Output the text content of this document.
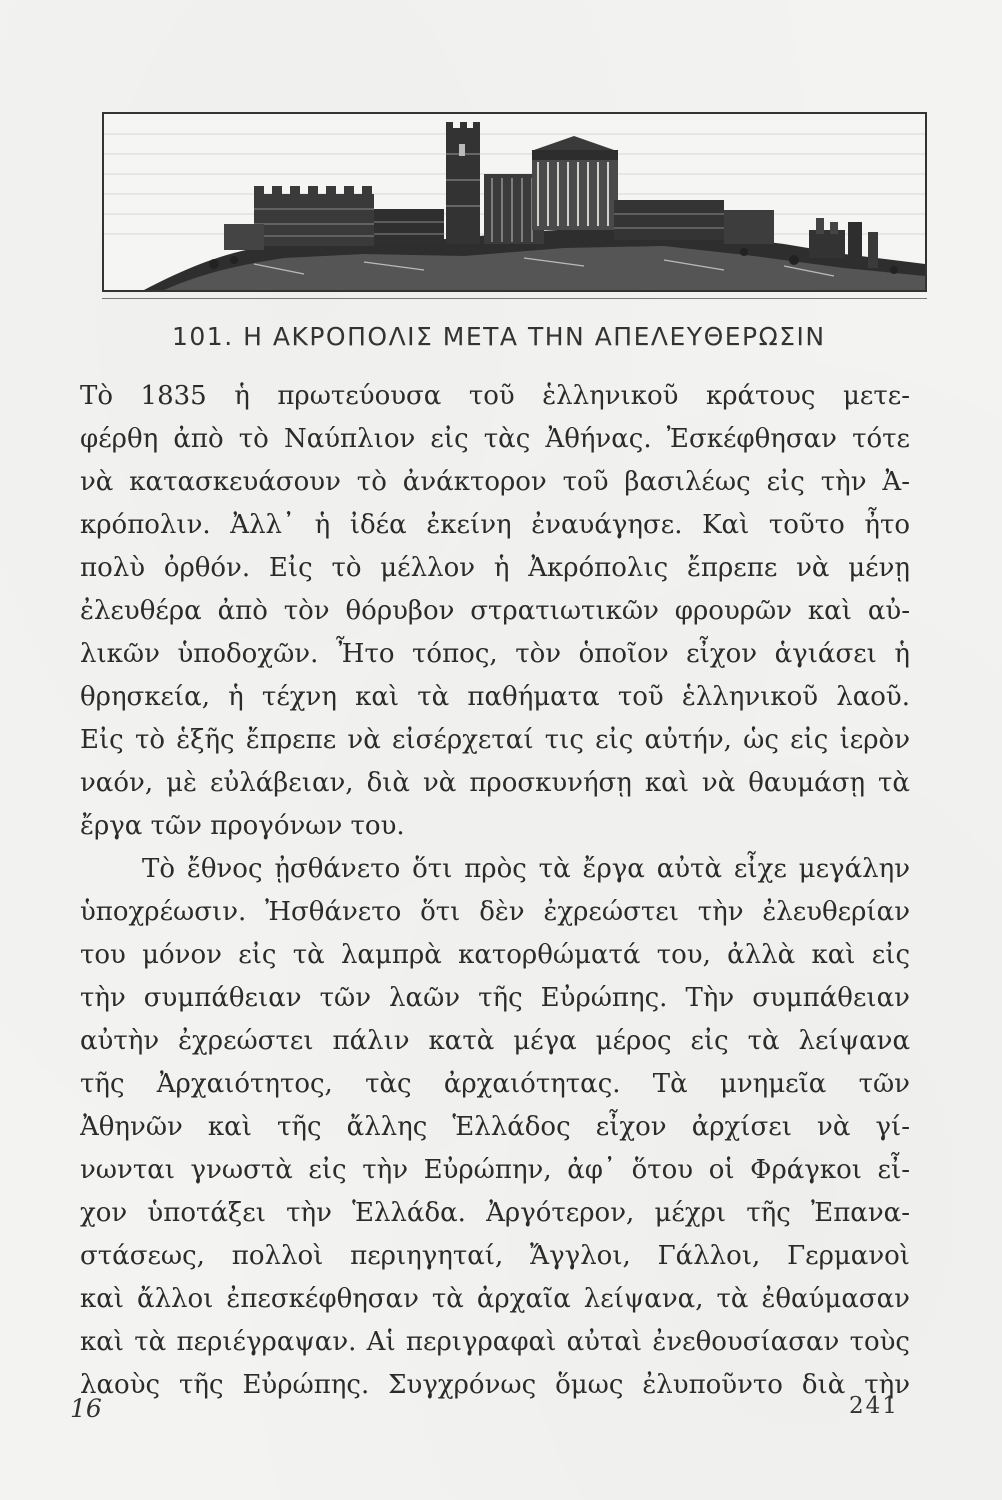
101. Η ΑΚΡΟΠΟΛΙΣ ΜΕΤΑ ΤΗΝ ΑΠΕΛΕΥΘΕΡΩΣΙΝ
Τὸ 1835 ἡ πρωτεύουσα τοῦ ἑλληνικοῦ κράτους μετε-
φέρθη ἀπὸ τὸ Ναύπλιον εἰς τὰς Ἀθήνας. Ἐσκέφθησαν τότε
νὰ κατασκευάσουν τὸ ἀνάκτορον τοῦ βασιλέως εἰς τὴν Ἀ-
κρόπολιν. Ἀλλ᾽ ἡ ἰδέα ἐκείνη ἐναυάγησε. Καὶ τοῦτο ἦτο
πολὺ ὀρθόν. Εἰς τὸ μέλλον ἡ Ἀκρόπολις ἔπρεπε νὰ μένῃ
ἐλευθέρα ἀπὸ τὸν θόρυβον στρατιωτικῶν φρουρῶν καὶ αὐ-
λικῶν ὑποδοχῶν. Ἦτο τόπος, τὸν ὁποῖον εἶχον ἁγιάσει ἡ
θρησκεία, ἡ τέχνη καὶ τὰ παθήματα τοῦ ἑλληνικοῦ λαοῦ.
Εἰς τὸ ἑξῆς ἔπρεπε νὰ εἰσέρχεταί τις εἰς αὐτήν, ὡς εἰς ἱερὸν
ναόν, μὲ εὐλάβειαν, διὰ νὰ προσκυνήσῃ καὶ νὰ θαυμάσῃ τὰ
ἔργα τῶν προγόνων του.
Τὸ ἔθνος ᾐσθάνετο ὅτι πρὸς τὰ ἔργα αὐτὰ εἶχε μεγάλην
ὑποχρέωσιν. Ἠσθάνετο ὅτι δὲν ἐχρεώστει τὴν ἐλευθερίαν
του μόνον εἰς τὰ λαμπρὰ κατορθώματά του, ἀλλὰ καὶ εἰς
τὴν συμπάθειαν τῶν λαῶν τῆς Εὐρώπης. Τὴν συμπάθειαν
αὐτὴν ἐχρεώστει πάλιν κατὰ μέγα μέρος εἰς τὰ λείψανα
τῆς Ἀρχαιότητος, τὰς ἀρχαιότητας. Τὰ μνημεῖα τῶν
Ἀθηνῶν καὶ τῆς ἄλλης Ἑλλάδος εἶχον ἀρχίσει νὰ γί-
νωνται γνωστὰ εἰς τὴν Εὐρώπην, ἀφ᾽ ὅτου οἱ Φράγκοι εἶ-
χον ὑποτάξει τὴν Ἑλλάδα. Ἀργότερον, μέχρι τῆς Ἐπανα-
στάσεως, πολλοὶ περιηγηταί, Ἄγγλοι, Γάλλοι, Γερμανοὶ
καὶ ἄλλοι ἐπεσκέφθησαν τὰ ἀρχαῖα λείψανα, τὰ ἐθαύμασαν
καὶ τὰ περιέγραψαν. Αἱ περιγραφαὶ αὐταὶ ἐνεθουσίασαν τοὺς
λαοὺς τῆς Εὐρώπης. Συγχρόνως ὅμως ἐλυποῦντο διὰ τὴν
16	241
